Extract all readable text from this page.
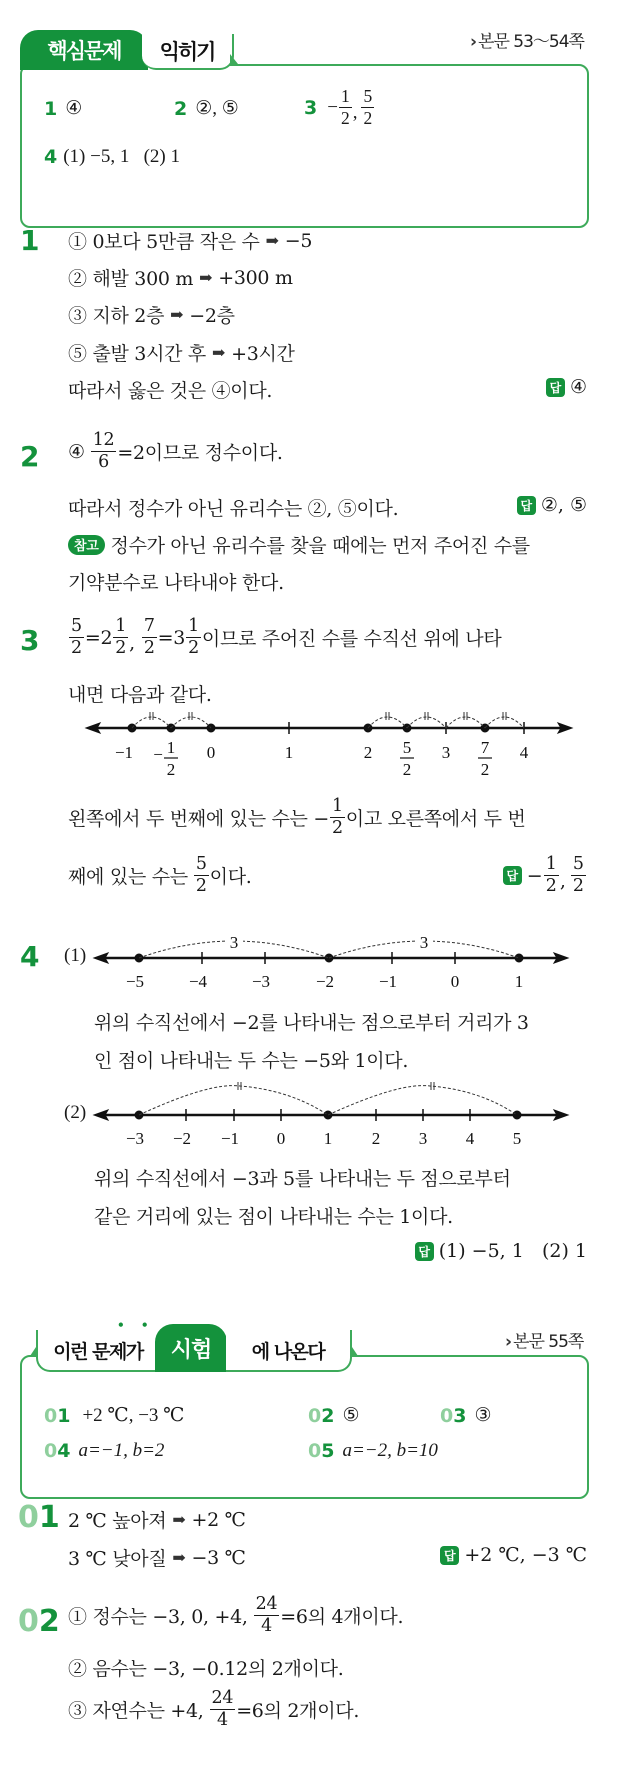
› 본문 53～54쪽
핵심문제	익히기
1 ④	2 ②, ⑤	$3 - \frac{1}{2}$ , $\frac{5}{2}$
4 (1) −5, 1   (2) 1
1 ① 0보다 5만큼 작은 수 ➡ −5
② 해발 300 m ➡ +300 m
③ 지하 2층 ➡ −2층
⑤ 출발 3시간 후 ➡ +3시간
따라서 옳은 것은 ④이다.	답 ④
2 ④ $\frac{12}{6} =2$이므로 정수이다.
따라서 정수가 아닌 유리수는 ②, ⑤이다.	답 ②, ⑤
참고 정수가 아닌 유리수를 찾을 때에는 먼저 주어진 수를
기약분수로 나타내야 한다.
$3 \frac{5}{2} =2 \frac{1}{2}$ , $\frac{7}{2} =3 \frac{1}{2}$ 이므로 주어진 수를 수직선 위에 나타
내면 다음과 같다.
−1 − 1
2
0	1	2 5
2
3 7
2
4
왼쪽에서 두 번째에 있는 수는 − $\frac{1}{2}$ 이고 오른쪽에서 두 번
째에 있는 수는 $\frac{5}{2}$ 이다.	답 − $\frac{1}{2}$ , $\frac{5}{2}$
4 (1)
3	3
−5	−4	−3	−2	−1	0	1
위의 수직선에서 −2를 나타내는 점으로부터 거리가 3
인 점이 나타내는 두 수는 −5와 1이다.
(2)
−3 −2 −1 0 1 2 3 4 5
위의 수직선에서 −3과 5를 나타내는 두 점으로부터
같은 거리에 있는 점이 나타내는 수는 1이다.
답 (1) −5, 1   (2) 1
› 본문 55쪽
이런 문제가
• •
시험	에 나온다
0 1 +2 ℃, −3 ℃	0 2 ⑤	0 3 ③
0 4 a=−1, b=2	0 5 a=−2, b=10
01 2 ℃ 높아져 ➡ +2 ℃
3 ℃ 낮아질 ➡ −3 ℃	답 +2 ℃, −3 ℃
02 ① 정수는 −3, 0, +4, $\frac{24}{4} =6$의 4개이다.
② 음수는 −3, −0.12의 2개이다.
③ 자연수는 +4, $\frac{24}{4} =6$의 2개이다.
